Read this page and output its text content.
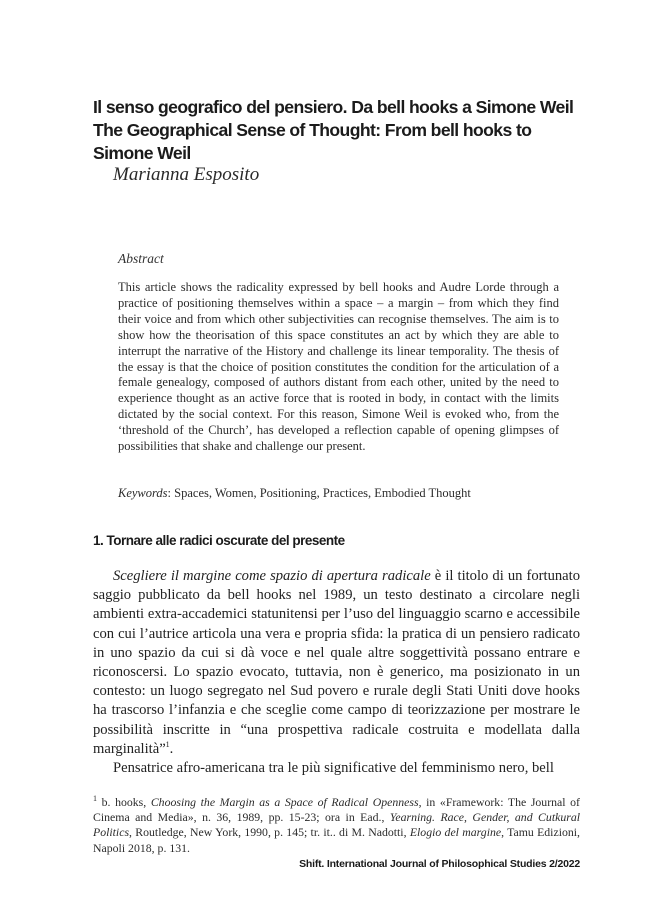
Il senso geografico del pensiero. Da bell hooks a Simone Weil
The Geographical Sense of Thought: From bell hooks to
Simone Weil
Marianna Esposito
Abstract

This article shows the radicality expressed by bell hooks and Audre Lorde through a practice of positioning themselves within a space – a margin – from which they find their voice and from which other subjectivities can recognise themselves. The aim is to show how the theorisation of this space constitutes an act by which they are able to interrupt the narrative of the History and challenge its linear temporality. The thesis of the essay is that the choice of position constitutes the condition for the articulation of a female genealogy, composed of authors distant from each other, united by the need to experience thought as an active force that is rooted in body, in contact with the limits dictated by the social context. For this reason, Simone Weil is evoked who, from the ‘threshold of the Church’, has developed a reflection capable of opening glimpses of possibilities that shake and challenge our present.

Keywords: Spaces, Women, Positioning, Practices, Embodied Thought
1. Tornare alle radici oscurate del presente

Scegliere il margine come spazio di apertura radicale è il titolo di un fortunato saggio pubblicato da bell hooks nel 1989, un testo destinato a circolare negli ambienti extra-accademici statunitensi per l’uso del linguaggio scarno e accessibile con cui l’autrice articola una vera e propria sfida: la pratica di un pensiero radicato in uno spazio da cui si dà voce e nel quale altre soggettività possano entrare e riconoscersi. Lo spazio evocato, tuttavia, non è generico, ma posizionato in un contesto: un luogo segregato nel Sud povero e rurale degli Stati Uniti dove hooks ha trascorso l’infanzia e che sceglie come campo di teorizzazione per mostrare le possibilità inscritte in “una prospettiva radicale costruita e modellata dalla marginalità”$^1$.

Pensatrice afro-americana tra le più significative del femminismo nero, bell

$^1$ b. hooks, Choosing the Margin as a Space of Radical Openness, in «Framework: The Journal of Cinema and Media», n. 36, 1989, pp. 15-23; ora in Ead., Yearning. Race, Gender, and Cutkural Politics, Routledge, New York, 1990, p. 145; tr. it.. di M. Nadotti, Elogio del margine, Tamu Edizioni, Napoli 2018, p. 131.
Shift. International Journal of Philosophical Studies 2/2022
